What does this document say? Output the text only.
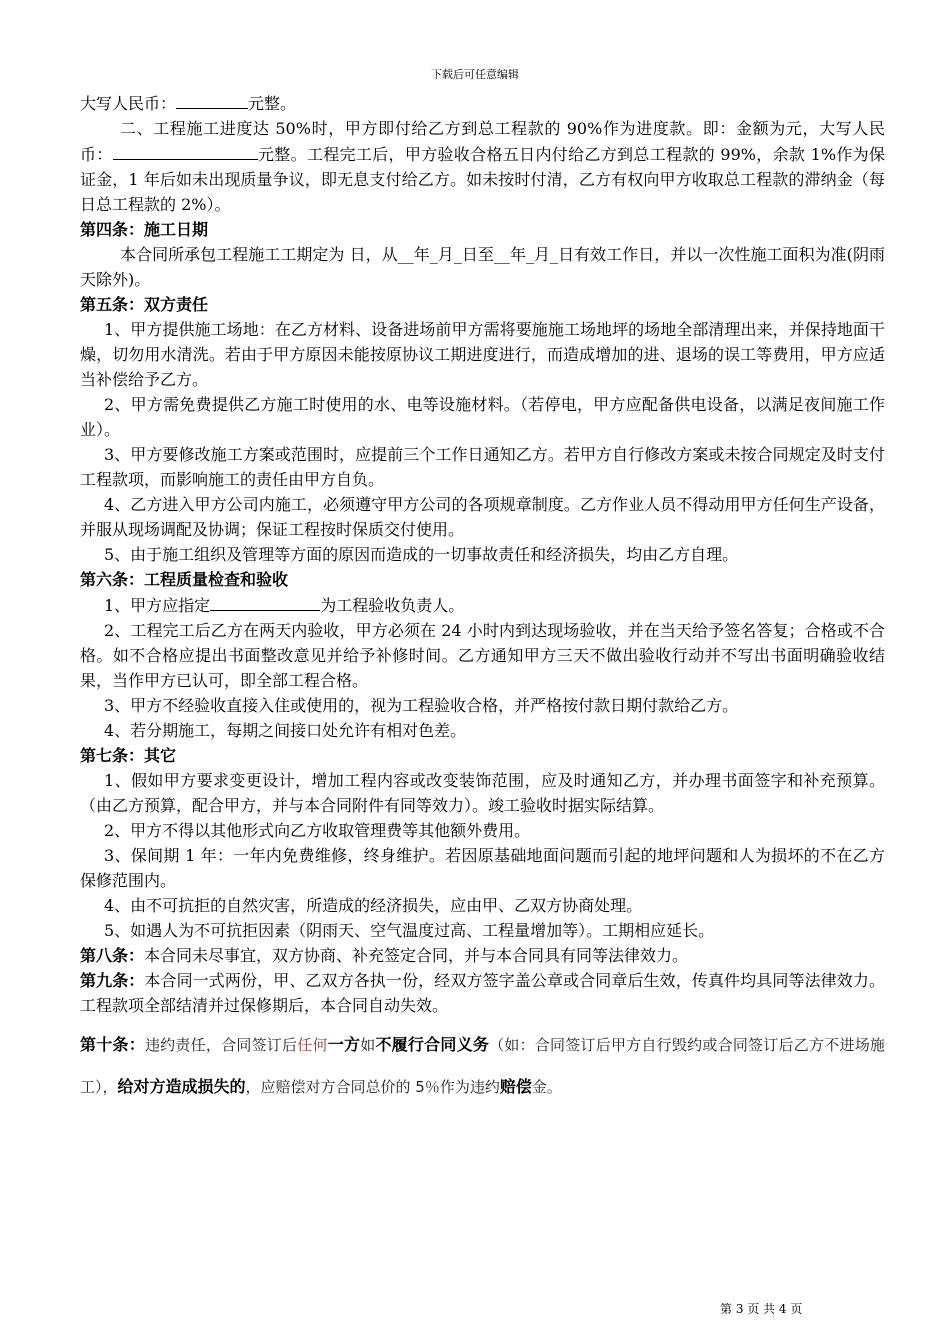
下载后可任意编辑

大写人民币：	元整。

二、工程施工进度达 50%时，甲方即付给乙方到总工程款的 90%作为进度款。即：金额为元，大写人民币：	元整。工程完工后，甲方验收合格五日内付给乙方到总工程款的 99%，余款 1%作为保证金，1 年后如未出现质量争议，即无息支付给乙方。如未按时付清，乙方有权向甲方收取总工程款的滞纳金（每日总工程款的 2%）。

第四条：施工日期

本合同所承包工程施工工期定为 日，从__年_月_日至__年_月_日有效工作日，并以一次性施工面积为准(阴雨天除外)。

第五条：双方责任

1、甲方提供施工场地：在乙方材料、设备进场前甲方需将要施施工场地坪的场地全部清理出来，并保持地面干燥，切勿用水清洗。若由于甲方原因未能按原协议工期进度进行，而造成增加的进、退场的误工等费用，甲方应适当补偿给予乙方。

2、甲方需免费提供乙方施工时使用的水、电等设施材料。（若停电，甲方应配备供电设备，以满足夜间施工作业）。

3、甲方要修改施工方案或范围时，应提前三个工作日通知乙方。若甲方自行修改方案或未按合同规定及时支付工程款项，而影响施工的责任由甲方自负。

4、乙方进入甲方公司内施工，必须遵守甲方公司的各项规章制度。乙方作业人员不得动用甲方任何生产设备，并服从现场调配及协调；保证工程按时保质交付使用。

5、由于施工组织及管理等方面的原因而造成的一切事故责任和经济损失，均由乙方自理。

第六条：工程质量检查和验收

1、甲方应指定	为工程验收负责人。

2、工程完工后乙方在两天内验收，甲方必须在 24 小时内到达现场验收，并在当天给予签名答复；合格或不合格。如不合格应提出书面整改意见并给予补修时间。乙方通知甲方三天不做出验收行动并不写出书面明确验收结果，当作甲方已认可，即全部工程合格。

3、甲方不经验收直接入住或使用的，视为工程验收合格，并严格按付款日期付款给乙方。

4、若分期施工，每期之间接口处允许有相对色差。

第七条：其它

1、假如甲方要求变更设计，增加工程内容或改变装饰范围，应及时通知乙方，并办理书面签字和补充预算。（由乙方预算，配合甲方，并与本合同附件有同等效力）。竣工验收时据实际结算。

2、甲方不得以其他形式向乙方收取管理费等其他额外费用。

3、保间期 1 年：一年内免费维修，终身维护。若因原基础地面问题而引起的地坪问题和人为损坏的不在乙方保修范围内。

4、由不可抗拒的自然灾害，所造成的经济损失，应由甲、乙双方协商处理。

5、如遇人为不可抗拒因素（阴雨天、空气温度过高、工程量增加等）。工期相应延长。

第八条：本合同未尽事宜，双方协商、补充签定合同，并与本合同具有同等法律效力。

第九条：本合同一式两份，甲、乙双方各执一份，经双方签字盖公章或合同章后生效，传真件均具同等法律效力。工程款项全部结清并过保修期后，本合同自动失效。

第十条：违约责任，合同签订后任何一方如不履行合同义务（如：合同签订后甲方自行毁约或合同签订后乙方不进场施工），给对方造成损失的，应赔偿对方合同总价的 5％作为违约赔偿金。

第 3 页 共 4 页
